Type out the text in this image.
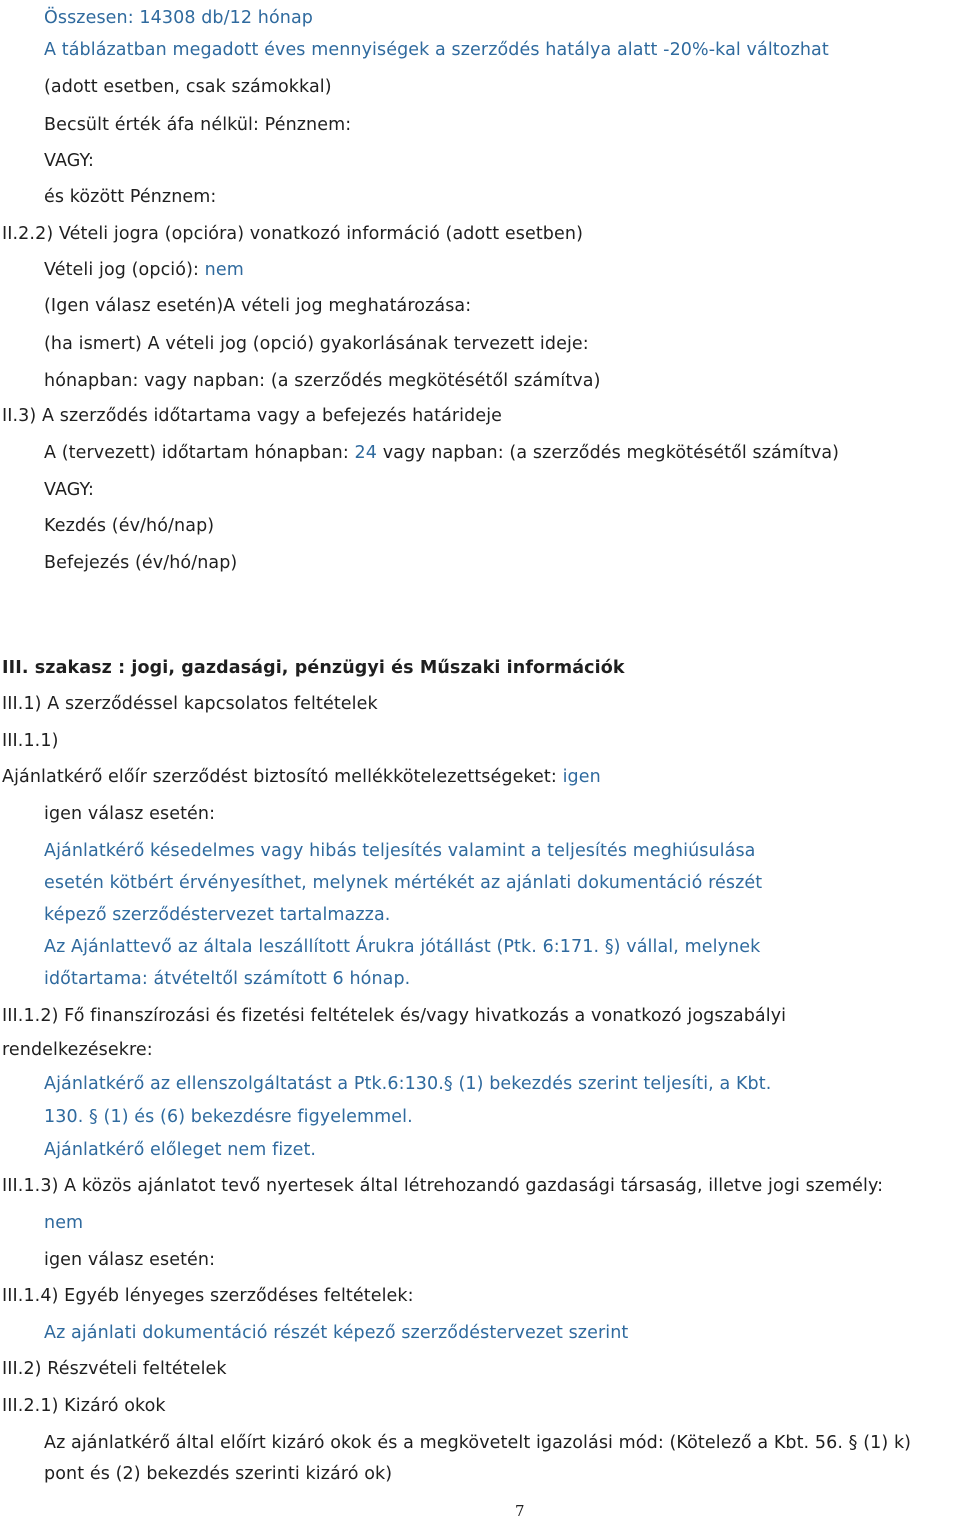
Összesen: 14308 db/12 hónap
A táblázatban megadott éves mennyiségek a szerződés hatálya alatt -20%-kal változhat
(adott esetben, csak számokkal)
Becsült érték áfa nélkül: Pénznem:
VAGY:
és között Pénznem:
II.2.2) Vételi jogra (opcióra) vonatkozó információ (adott esetben)
Vételi jog (opció): nem
(Igen válasz esetén)A vételi jog meghatározása:
(ha ismert) A vételi jog (opció) gyakorlásának tervezett ideje:
hónapban: vagy napban: (a szerződés megkötésétől számítva)
II.3) A szerződés időtartama vagy a befejezés határideje
A (tervezett) időtartam hónapban: 24 vagy napban: (a szerződés megkötésétől számítva)
VAGY:
Kezdés (év/hó/nap)
Befejezés (év/hó/nap)
III. szakasz : jogi, gazdasági, pénzügyi és Műszaki információk
III.1) A szerződéssel kapcsolatos feltételek
III.1.1)
Ajánlatkérő előír szerződést biztosító mellékkötelezettségeket: igen
igen válasz esetén:
Ajánlatkérő késedelmes vagy hibás teljesítés valamint a teljesítés meghiúsulása
esetén kötbért érvényesíthet, melynek mértékét az ajánlati dokumentáció részét
képező szerződéstervezet tartalmazza.
Az Ajánlattevő az általa leszállított Árukra jótállást (Ptk. 6:171. §) vállal, melynek
időtartama: átvételtől számított 6 hónap.
III.1.2) Fő finanszírozási és fizetési feltételek és/vagy hivatkozás a vonatkozó jogszabályi
rendelkezésekre:
Ajánlatkérő az ellenszolgáltatást a Ptk.6:130.§ (1) bekezdés szerint teljesíti, a Kbt.
130. § (1) és (6) bekezdésre figyelemmel.
Ajánlatkérő előleget nem fizet.
III.1.3) A közös ajánlatot tevő nyertesek által létrehozandó gazdasági társaság, illetve jogi személy:
nem
igen válasz esetén:
III.1.4) Egyéb lényeges szerződéses feltételek:
Az ajánlati dokumentáció részét képező szerződéstervezet szerint
III.2) Részvételi feltételek
III.2.1) Kizáró okok
Az ajánlatkérő által előírt kizáró okok és a megkövetelt igazolási mód: (Kötelező a Kbt. 56. § (1) k)
pont és (2) bekezdés szerinti kizáró ok)
7
